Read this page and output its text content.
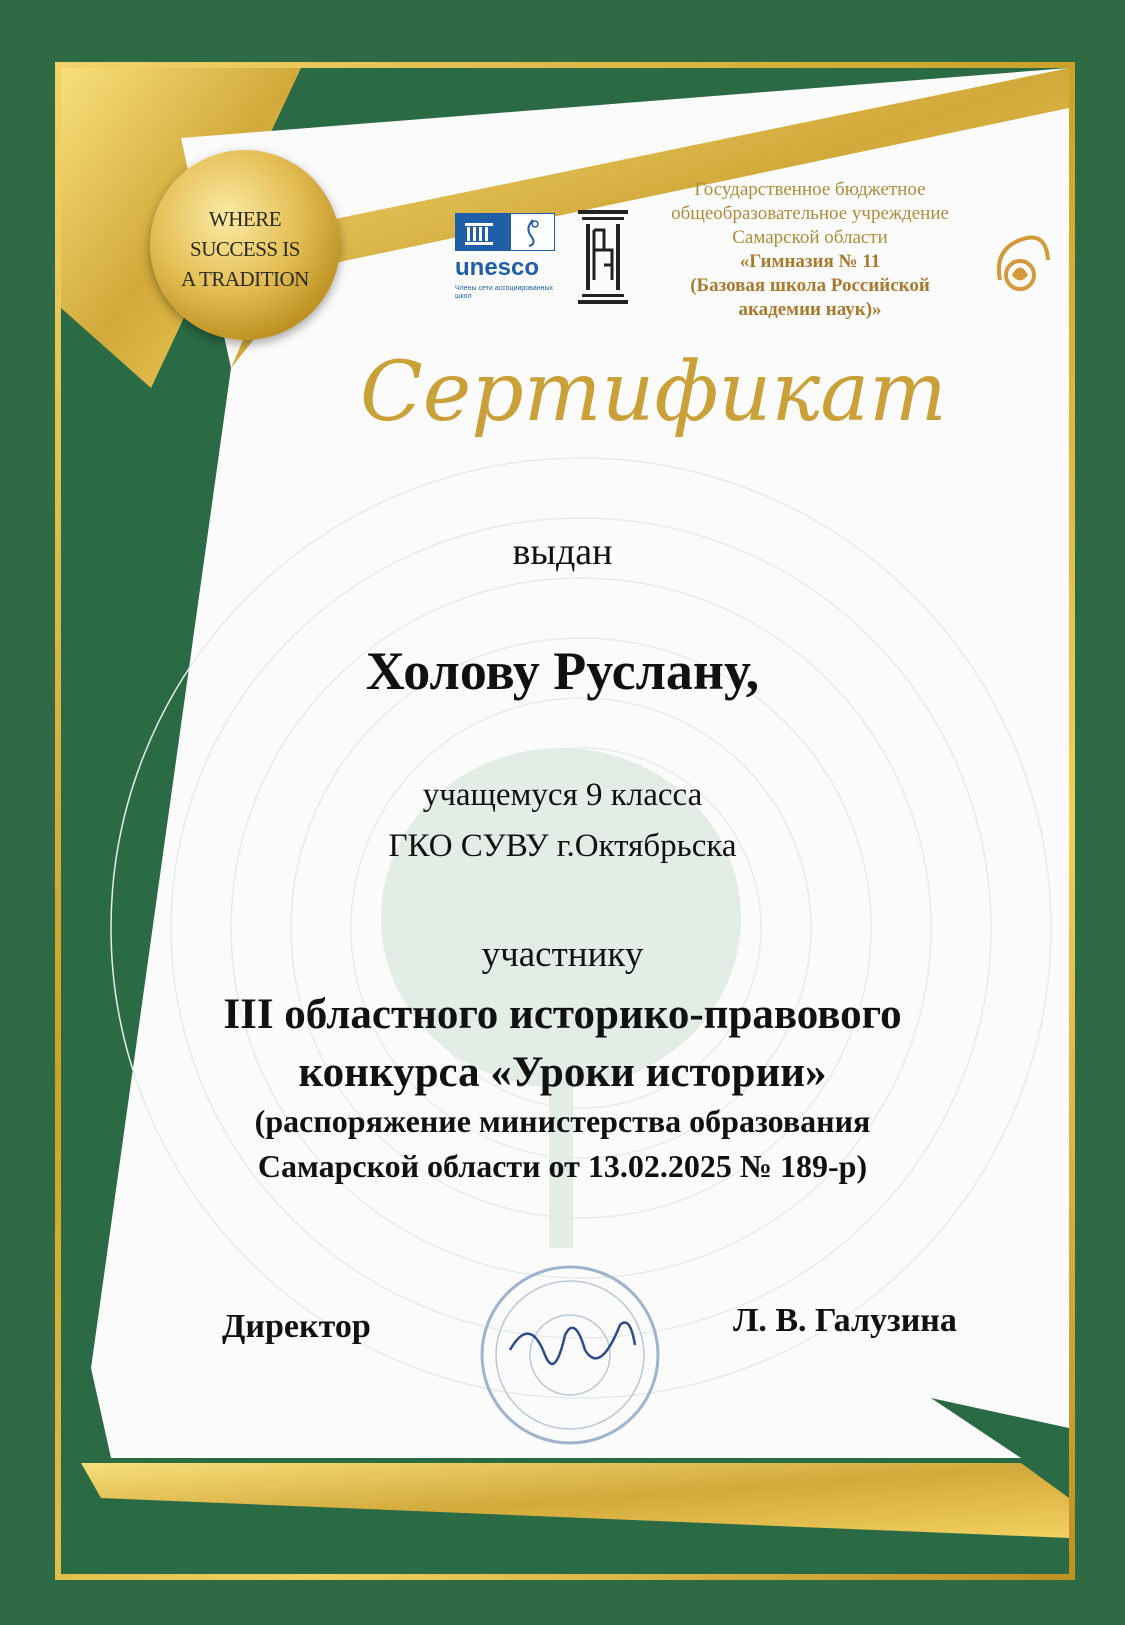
WHERE
SUCCESS IS
A TRADITION	unesco
Члены сети ассоциированных школ
Государственное бюджетное
общеобразовательное учреждение
Самарской области
«Гимназия № 11
(Базовая школа Российской
академии наук)»
Сертификат
выдан
Холову Руслану,
учащемуся 9 класса
ГКО СУВУ г.Октябрьска
участнику
III областного историко-правового
конкурса «Уроки истории»
(распоряжение министерства образования
Самарской области от 13.02.2025 № 189-р)
Директор	Л. В. Галузина
